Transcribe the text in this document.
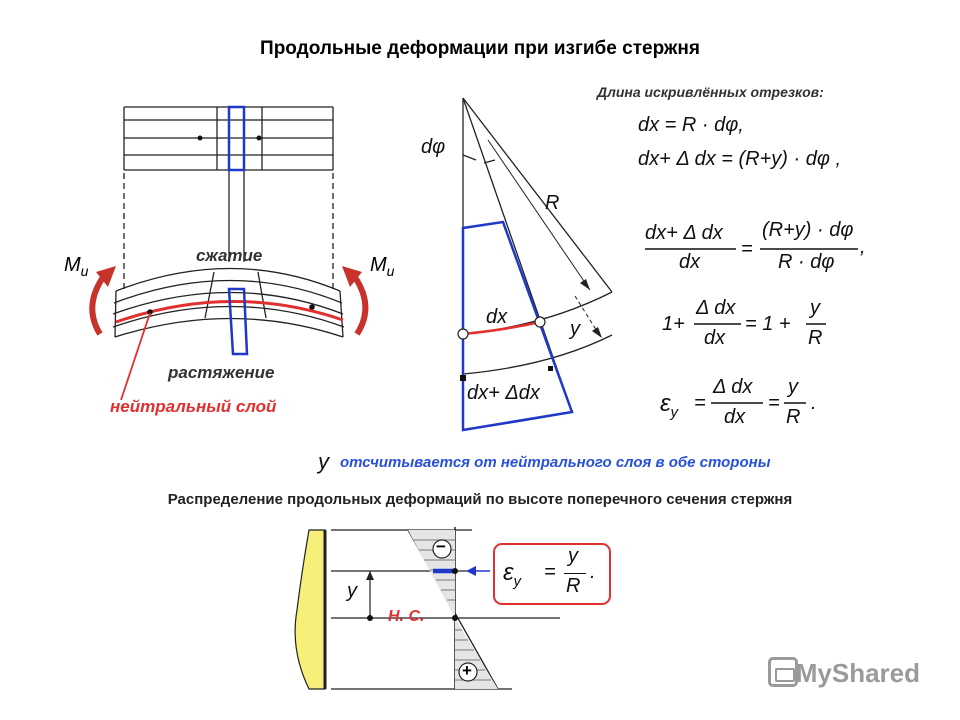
Продольные деформации при изгибе стержня
$M_и$	$M_и$
сжатие
растяжение
нейтральный слой
dφ
R
dx
y
dx+ Δdx
Длина искривлённых отрезков:
dx = R · dφ,
dx+ Δ dx = (R+y) · dφ ,
dx+ Δ dx
dx
=
(R+y) · dφ
R · dφ
,
1+
Δ dx
dx
= 1 +
y
R
$\varepsilon_y$ =
Δ dx
dx
=
y
R
.
y отсчитывается от нейтрального слоя в обе стороны
Распределение продольных деформаций по высоте поперечного сечения стержня
−
+
y
Н. С.
$\varepsilon_y$ =
y
R
.
MyShared
